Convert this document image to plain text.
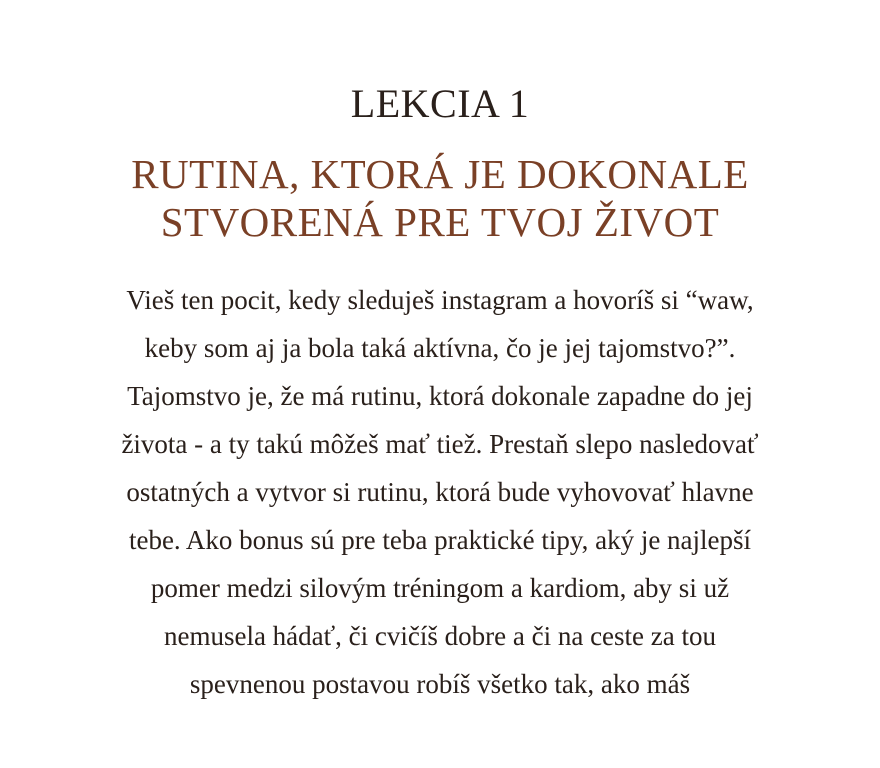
LEKCIA 1
RUTINA, KTORÁ JE DOKONALE
STVORENÁ PRE TVOJ ŽIVOT

Vieš ten pocit, kedy sleduješ instagram a hovoríš si “waw,
keby som aj ja bola taká aktívna, čo je jej tajomstvo?”.
Tajomstvo je, že má rutinu, ktorá dokonale zapadne do jej
života - a ty takú môžeš mať tiež. Prestaň slepo nasledovať
ostatných a vytvor si rutinu, ktorá bude vyhovovať hlavne
tebe. Ako bonus sú pre teba praktické tipy, aký je najlepší
pomer medzi silovým tréningom a kardiom, aby si už
nemusela hádať, či cvičíš dobre a či na ceste za tou
spevnenou postavou robíš všetko tak, ako máš
